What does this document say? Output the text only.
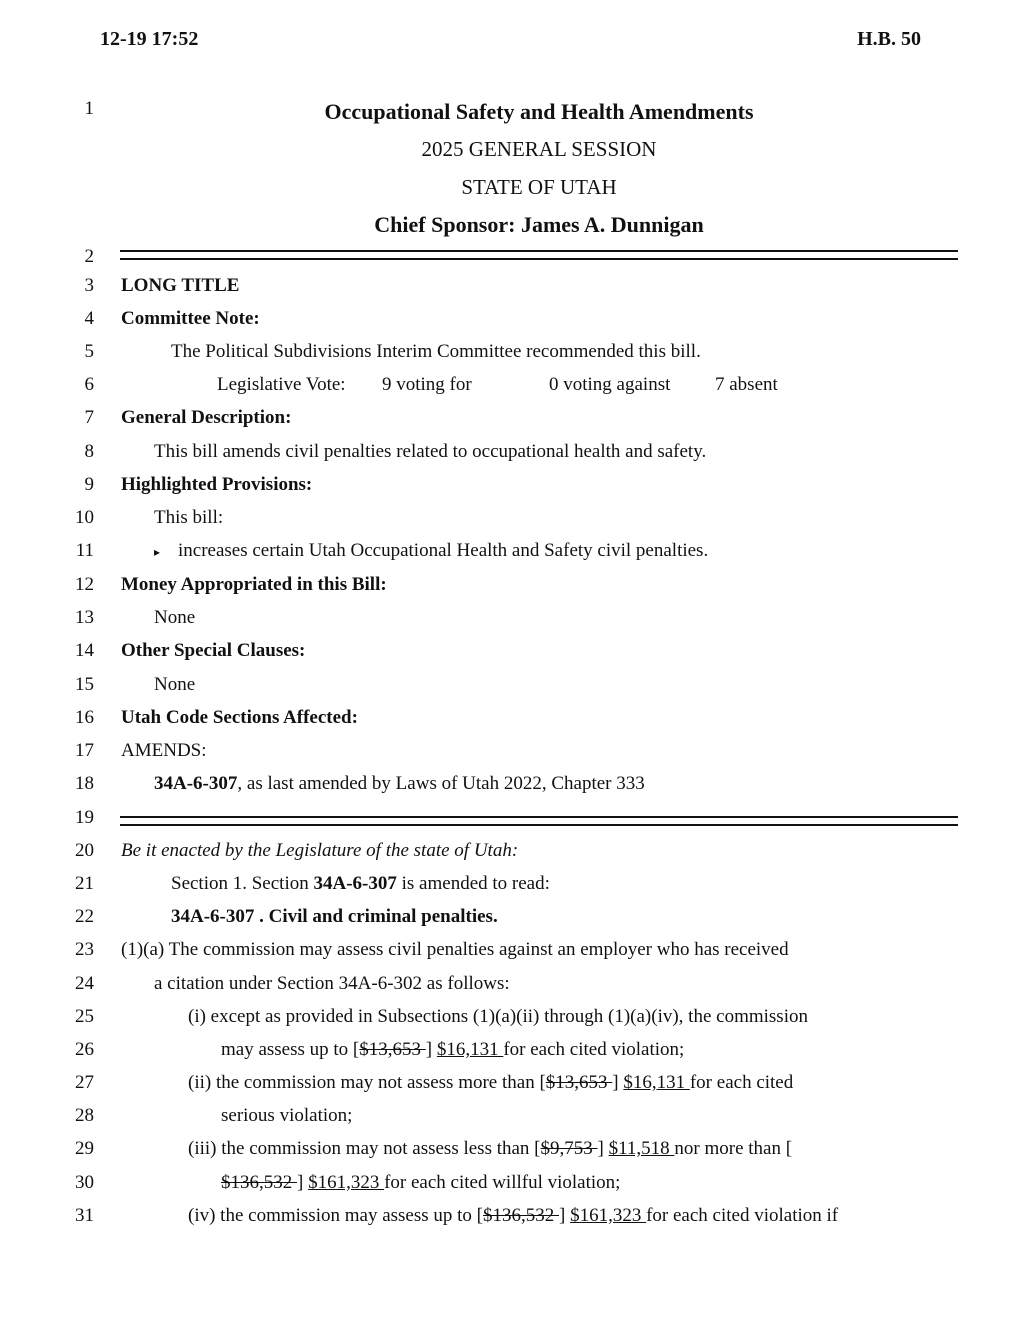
12-19 17:52	H.B. 50
1
2
3
4
5
6
7
8
9
10
11
12
13
14
15
16
17
18
19
20
21
22
23
24
25
26
27
28
29
30
31
Occupational Safety and Health Amendments
2025 GENERAL SESSION
STATE OF UTAH
Chief Sponsor: James A. Dunnigan
LONG TITLE
Committee Note:
The Political Subdivisions Interim Committee recommended this bill.
Legislative Vote: 9 voting for	0 voting against 7 absent
General Description:
This bill amends civil penalties related to occupational health and safety.
Highlighted Provisions:
This bill:
▸ increases certain Utah Occupational Health and Safety civil penalties.
Money Appropriated in this Bill:
None
Other Special Clauses:
None
Utah Code Sections Affected:
AMENDS:
34A-6-307, as last amended by Laws of Utah 2022, Chapter 333
Be it enacted by the Legislature of the state of Utah:
Section 1. Section 34A-6-307 is amended to read:
34A-6-307 . Civil and criminal penalties.
(1)(a) The commission may assess civil penalties against an employer who has received
a citation under Section 34A-6-302 as follows:
(i) except as provided in Subsections (1)(a)(ii) through (1)(a)(iv), the commission
may assess up to [$13,653 ] $16,131 for each cited violation;
(ii) the commission may not assess more than [$13,653 ] $16,131 for each cited
serious violation;
(iii) the commission may not assess less than [$9,753 ] $11,518 nor more than [
$136,532 ] $161,323 for each cited willful violation;
(iv) the commission may assess up to [$136,532 ] $161,323 for each cited violation if
